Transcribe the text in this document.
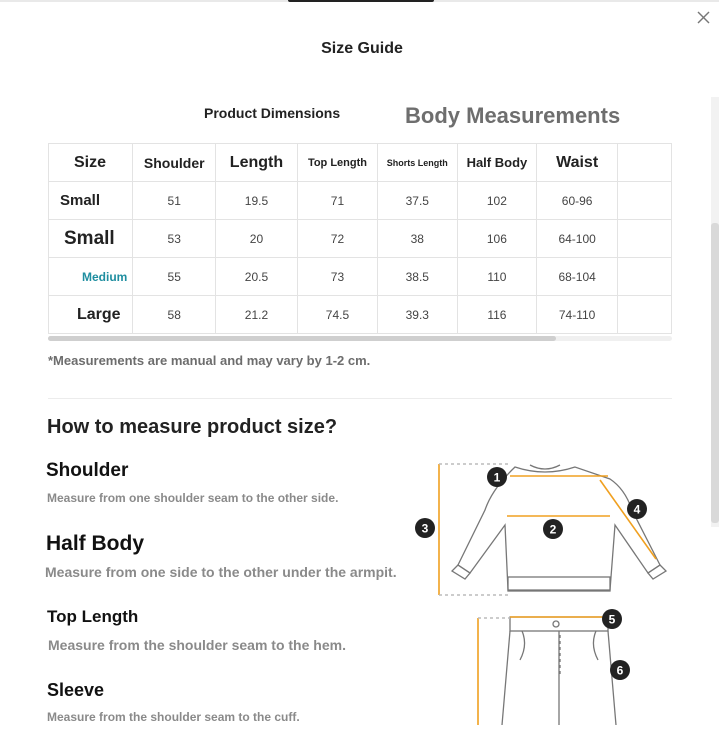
Size Guide
Product Dimensions	Body Measurements
Size	Shoulder	Length	Top Length	Shorts Length	Half Body	Waist	
Small	51	19.5	71	37.5	102	60-96	
Small	53	20	72	38	106	64-100	
Medium	55	20.5	73	38.5	110	68-104	
Large	58	21.2	74.5	39.3	116	74-110	
*Measurements are manual and may vary by 1-2 cm.
How to measure product size?
Shoulder
Measure from one shoulder seam to the other side.
Half Body
Measure from one side to the other under the armpit.
Top Length
Measure from the shoulder seam to the hem.
Sleeve
Measure from the shoulder seam to the cuff.
1
2
3
4
5
6
